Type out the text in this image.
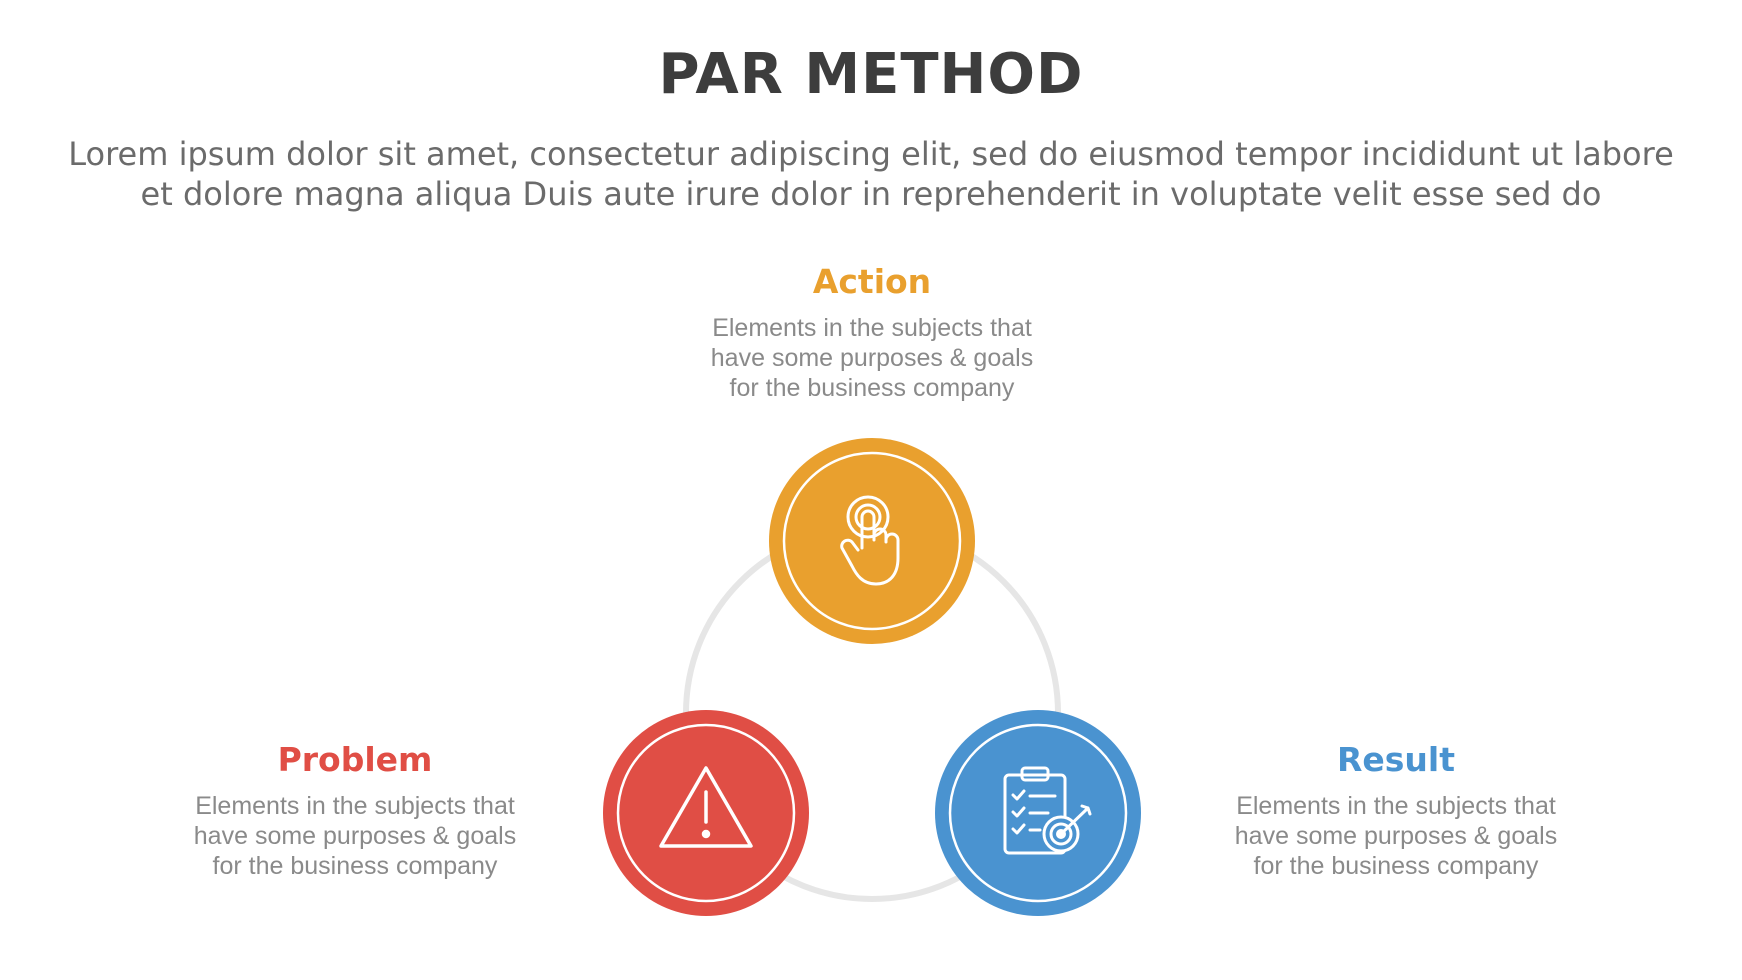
PAR METHOD
Lorem ipsum dolor sit amet, consectetur adipiscing elit, sed do eiusmod tempor incididunt ut labore et dolore magna aliqua Duis aute irure dolor in reprehenderit in voluptate velit esse sed do
Action
Elements in the subjects that
have some purposes & goals
for the business company
Problem
Elements in the subjects that
have some purposes & goals
for the business company
Result
Elements in the subjects that
have some purposes & goals
for the business company
